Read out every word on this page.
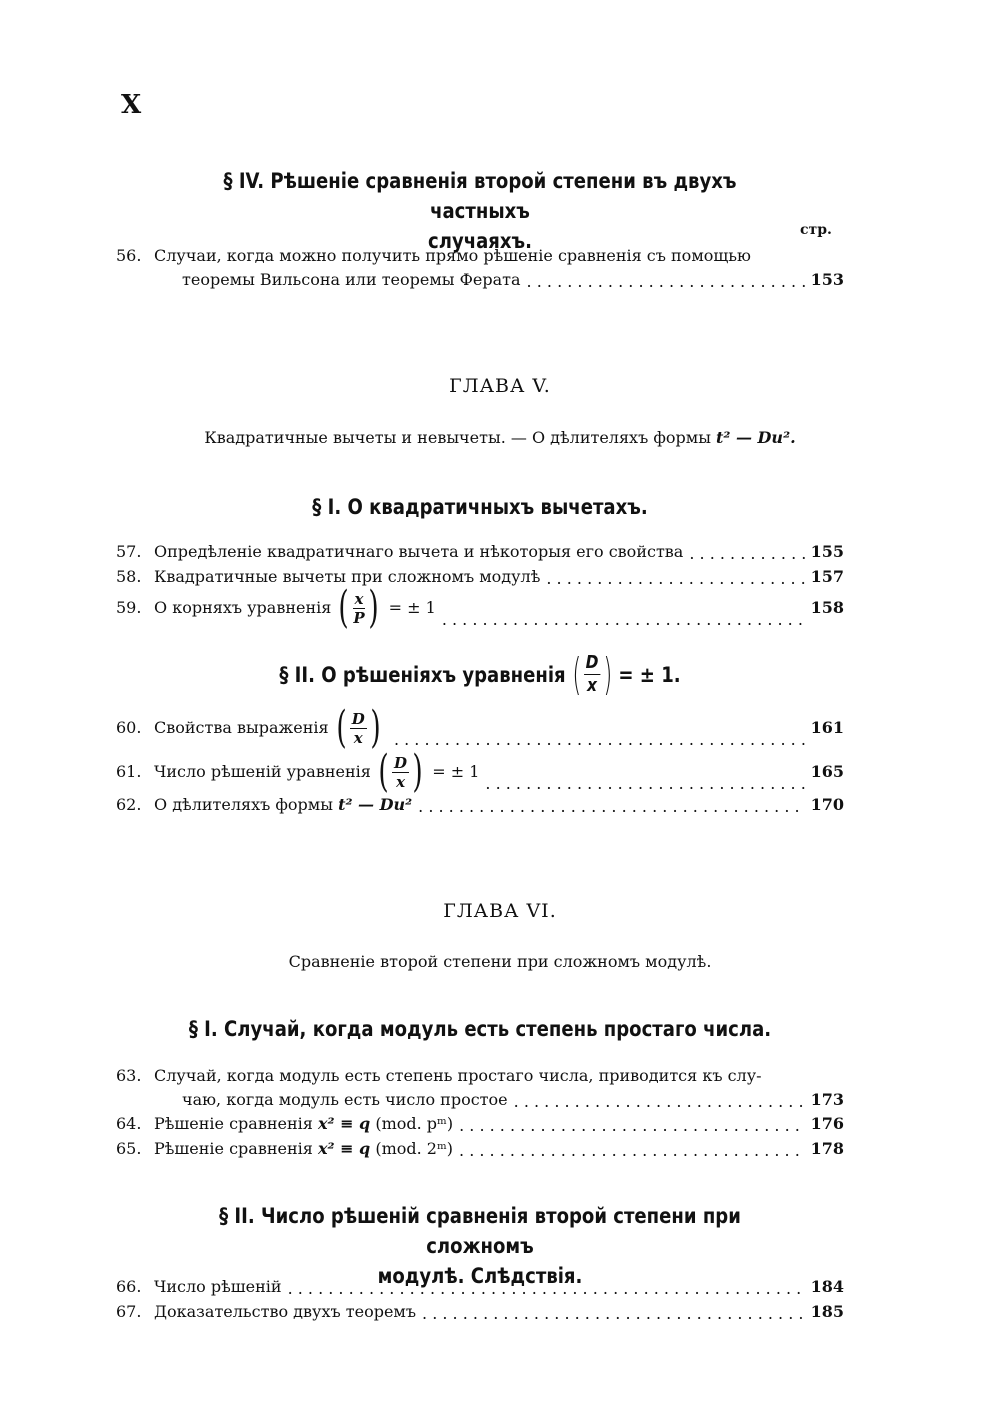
X
§ IV. Рѣшеніе сравненія второй степени въ двухъ частныхъ
случаяхъ.	стр.
56. Случаи, когда можно получить прямо рѣшеніе сравненія съ помощью
теоремы Вильсона или теоремы Ферата . . .	153
ГЛАВА V.
Квадратичные вычеты и невычеты. — О дѣлителяхъ формы t² — Du².
§ I. О квадратичныхъ вычетахъ.
57. Опредѣленіе квадратичнаго вычета и нѣкоторыя его свойства . . .	155
58. Квадратичные вычеты при сложномъ модулѣ . . .	157
59. О корняхъ уравненія ( $\frac{x}{P}$ ) = ± 1
. . .	158
§ II. О рѣшеніяхъ уравненія ( $\frac{D}{x}$ ) = ± 1.
60. Свойства выраженія ( $\frac{D}{x}$ )
. . .	161
61. Число рѣшеній уравненія ( $\frac{D}{x}$ ) = ± 1
. . .	165
62. О дѣлителяхъ формы
t² — Du² . . .	170
ГЛАВА VI.
Сравненіе второй степени при сложномъ модулѣ.
§ I. Случай, когда модуль есть степень простаго числа.
63. Случай, когда модуль есть степень простаго числа, приводится къ слу-
чаю, когда модуль есть число простое . . .	173
64. Рѣшеніе сравненія
x² ≡ q
(mod. pᵐ) . . .	176
65. Рѣшеніе сравненія
x² ≡ q
(mod. 2ᵐ) . . .	178
§ II. Число рѣшеній сравненія второй степени при сложномъ
модулѣ. Слѣдствія.
66. Число рѣшеній . . .	184
67. Доказательство двухъ теоремъ . . .	185
